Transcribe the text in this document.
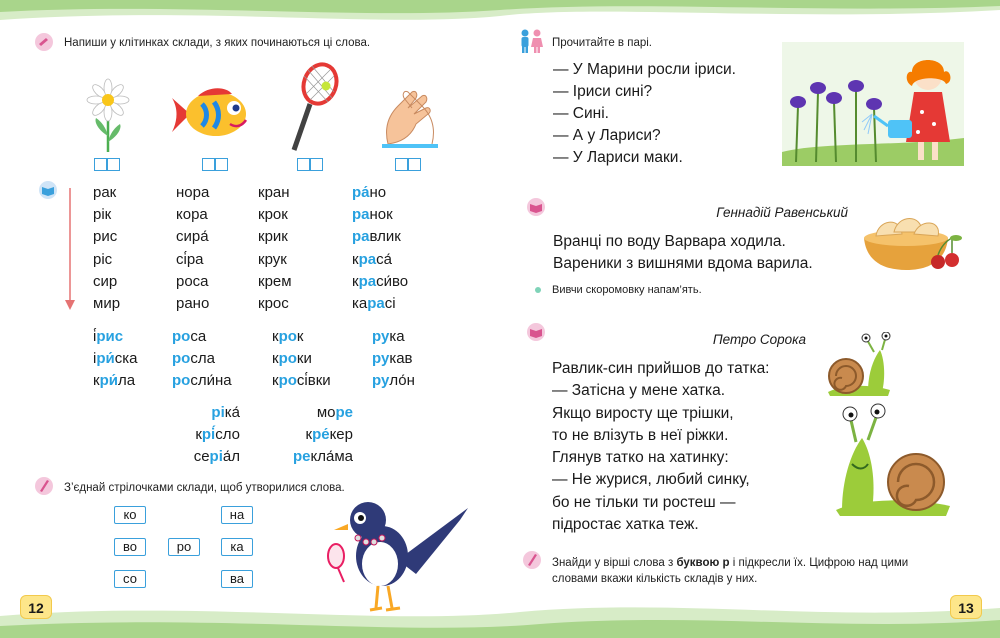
12	13
Напиши у клітинках склади, з яких починаються ці слова.
рак
рік
рис
ріс
сир
мир
нора
кора
сира́
сі́ра
роса
рано
кран
крок
крик
крук
крем
крос
ра́но
ранок
равлик
краса́
краси́во
карасі
і́рис
іри́ска
кри́ла
роса
росла
росли́на
крок
кроки
кросі́вки
рука
рукав
руло́н
ріка́
крі́сло
серіа́л
море
кре́кер
рекла́ма
З’єднай стрілочками склади, щоб утворилися слова.
ко
во
со
ро
на
ка
ва
Прочитайте в парі.
— У Марини росли іриси.
— Іриси сині?
— Сині.
— А у Лариси?
— У Лариси маки.
Геннадій Равенський
Вранці по воду Варвара ходила.
Вареники з вишнями вдома варила.
Вивчи скоромовку напам’ять.
Петро Сорока
Равлик-син прийшов до татка:
— Затісна у мене хатка.
Якщо виросту ще трішки,
то не влізуть в неї ріжки.
Глянув татко на хатинку:
— Не журися, любий синку,
бо не тільки ти ростеш —
підростає хатка теж.
Знайди у вірші слова з буквою р і підкресли їх. Цифрою над цими словами вкажи кількість складів у них.
